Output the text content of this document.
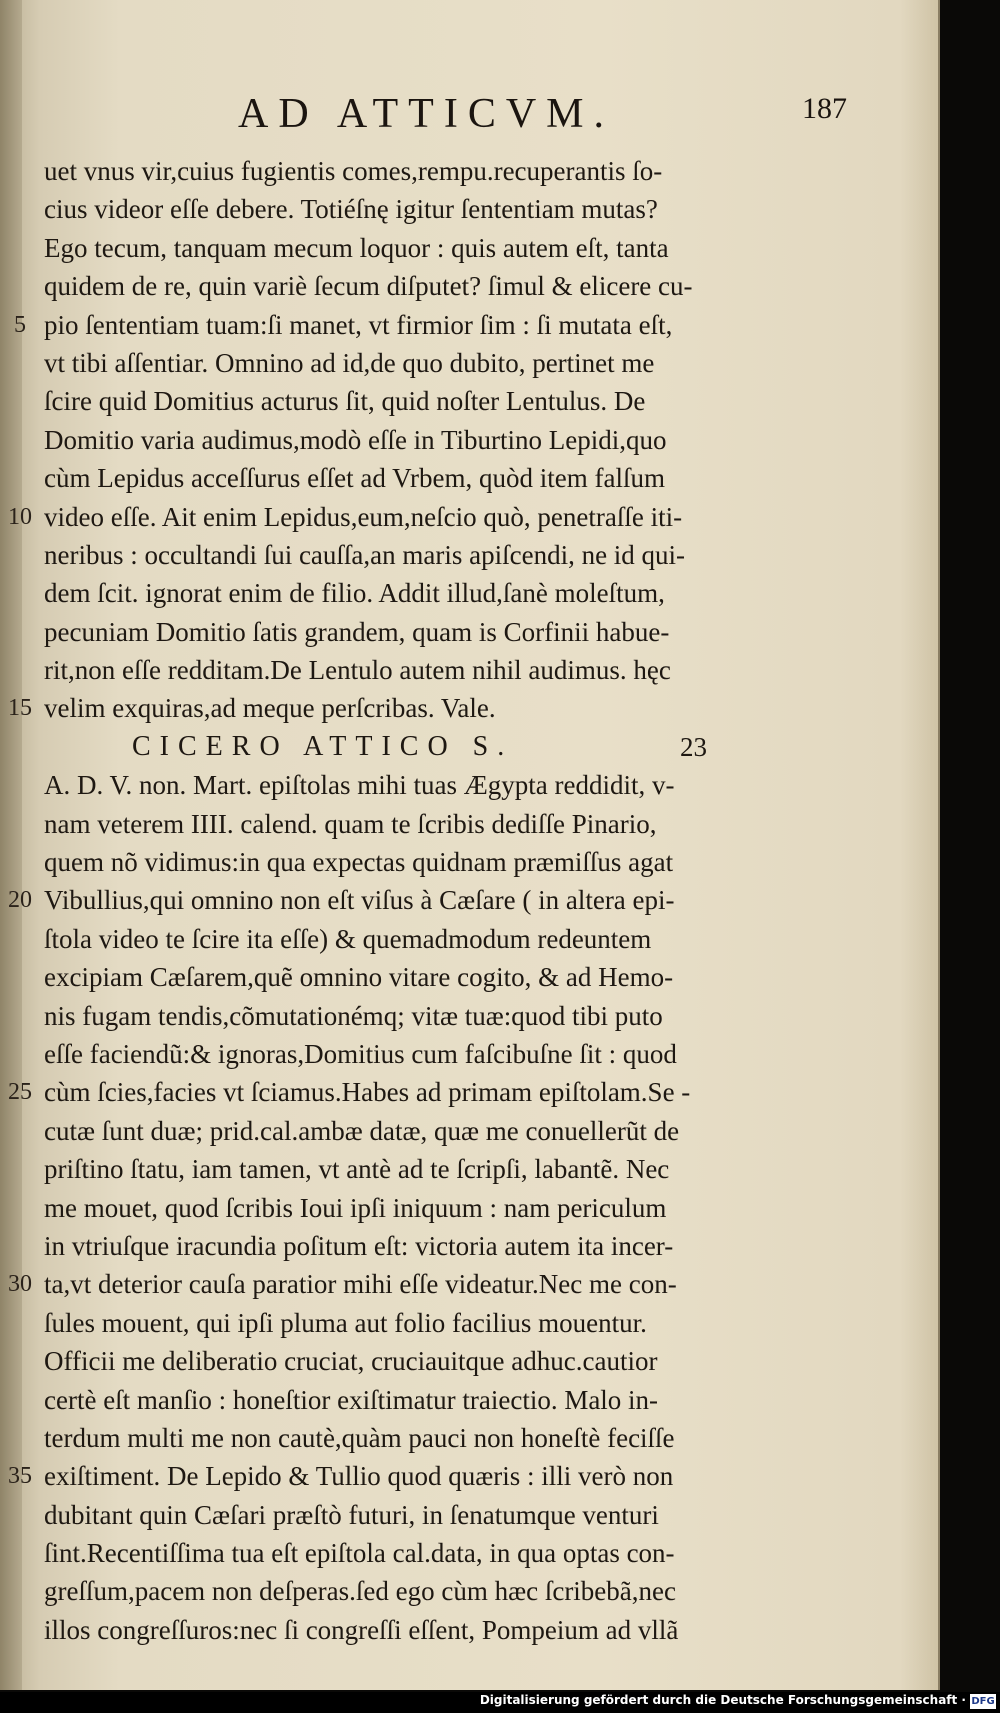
AD ATTICVM.	187
uet vnus vir,cuius fugientis comes,rempu.recuperantis ſo-
cius videor eſſe debere. Totiéſnę igitur ſententiam mutas?
Ego tecum, tanquam mecum loquor : quis autem eſt, tanta
quidem de re, quin variè ſecum diſputet? ſimul & elicere cu-
5 pio ſententiam tuam:ſi manet, vt firmior ſim : ſi mutata eſt,
vt tibi aſſentiar. Omnino ad id,de quo dubito, pertinet me
ſcire quid Domitius acturus ſit, quid noſter Lentulus. De
Domitio varia audimus,modò eſſe in Tiburtino Lepidi,quo
cùm Lepidus acceſſurus eſſet ad Vrbem, quòd item falſum
10 video eſſe. Ait enim Lepidus,eum,neſcio quò, penetraſſe iti-
neribus : occultandi ſui cauſſa,an maris apiſcendi, ne id qui-
dem ſcit. ignorat enim de filio. Addit illud,ſanè moleſtum,
pecuniam Domitio ſatis grandem, quam is Corfinii habue-
rit,non eſſe redditam.De Lentulo autem nihil audimus. hęc
15 velim exquiras,ad meque perſcribas. Vale.
CICERO ATTICO S.	23
A. D. V. non. Mart. epiſtolas mihi tuas Ægypta reddidit, v-
nam veterem IIII. calend. quam te ſcribis dediſſe Pinario,
quem nõ vidimus:in qua expectas quidnam præmiſſus agat
20 Vibullius,qui omnino non eſt viſus à Cæſare ( in altera epi-
ſtola video te ſcire ita eſſe) & quemadmodum redeuntem
excipiam Cæſarem,quẽ omnino vitare cogito, & ad Hemo-
nis fugam tendis,cõmutationémq; vitæ tuæ:quod tibi puto
eſſe faciendũ:& ignoras,Domitius cum faſcibuſne ſit : quod
25 cùm ſcies,facies vt ſciamus.Habes ad primam epiſtolam.Se -
cutæ ſunt duæ; prid.cal.ambæ datæ, quæ me conuellerũt de
priſtino ſtatu, iam tamen, vt antè ad te ſcripſi, labantẽ. Nec
me mouet, quod ſcribis Ioui ipſi iniquum : nam periculum
in vtriuſque iracundia poſitum eſt: victoria autem ita incer-
30 ta,vt deterior cauſa paratior mihi eſſe videatur.Nec me con-
ſules mouent, qui ipſi pluma aut folio facilius mouentur.
Officii me deliberatio cruciat, cruciauitque adhuc.cautior
certè eſt manſio : honeſtior exiſtimatur traiectio. Malo in-
terdum multi me non cautè,quàm pauci non honeſtè feciſſe
35 exiſtiment. De Lepido & Tullio quod quæris : illi verò non
dubitant quin Cæſari præſtò futuri, in ſenatumque venturi
ſint.Recentiſſima tua eſt epiſtola cal.data, in qua optas con-
greſſum,pacem non deſperas.ſed ego cùm hæc ſcribebã,nec
illos congreſſuros:nec ſi congreſſi eſſent, Pompeium ad vllã
Digitalisierung gefördert durch die Deutsche Forschungsgemeinschaft · DFG
